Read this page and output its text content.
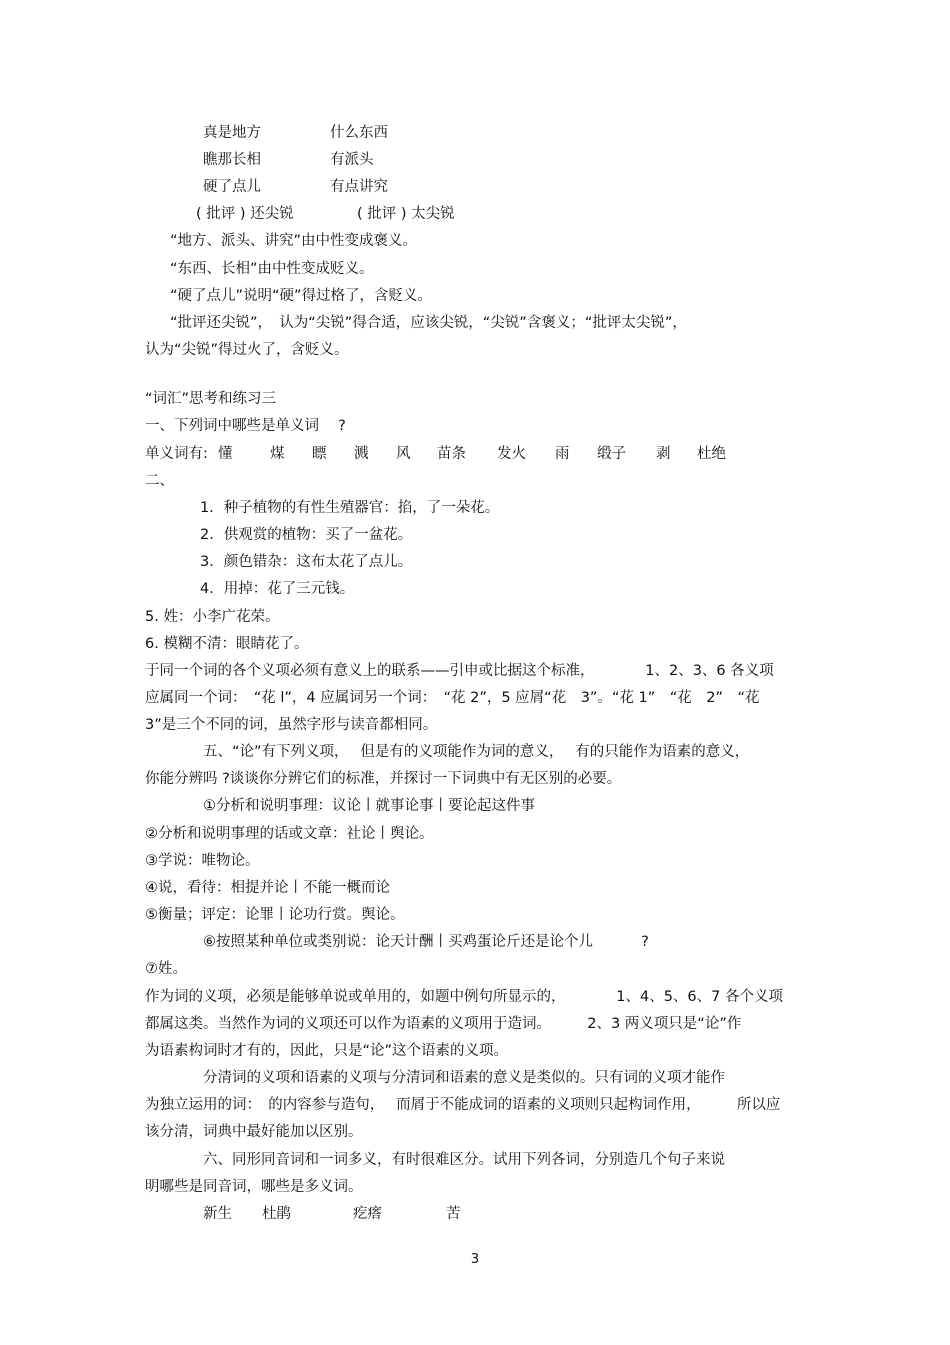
真是地方	什么东西
瞧那长相	有派头
硬了点儿	有点讲究
( 批评 ) 还尖锐	( 批评 ) 太尖锐
“地方、派头、讲究”由中性变成褒义。
“东西、长相”由中性变成贬义。
“硬了点儿”说明“硬”得过格了，含贬义。
“批评还尖锐”，　认为“尖锐”得合适，应该尖锐，“尖锐”含褒义；“批评太尖锐”，
认为“尖锐”得过火了，含贬义。
“词汇”思考和练习三
一、下列词中哪些是单义词　 ?
单义词有: 懂	煤 瞟 溅 风 苗条 发火 雨 缎子 剥 杜绝
二、
1．种子植物的有性生殖器官：掐，了一朵花。
2．供观赏的植物：买了一盆花。
3．颜色错杂：这布太花了点儿。
4．用掉：花了三元钱。
5. 姓：小李广花荣。
6. 模糊不清：眼睛花了。
于同一个词的各个义项必须有意义上的联系——引申或比据这个标准，　　　　1、2、3、6 各义项
应属同一个词：　“花 l”，4 应属词另一个词：　“花 2”，5 应屑“花　3”。“花 1”　“花　2”　“花
3”是三个不同的词，虽然字形与读音都相同。
五、“论”有下列义项，　 但是有的义项能作为词的意义，　 有的只能作为语素的意义，
你能分辨吗 ?谈谈你分辨它们的标准，并探讨一下词典中有无区别的必要。
①分析和说明事理：议论丨就事论事丨要论起这件事
②分析和说明事理的话或文章：社论丨舆论。
③学说：唯物论。
④说，看待：相提并论丨不能一概而论
⑤衡量；评定：论罪丨论功行赏。舆论。
⑥按照某种单位或类别说：论天计酬丨买鸡蛋论斤还是论个儿　　　 ?
⑦姓。
作为词的义项，必须是能够单说或单用的，如题中例句所显示的，　　　　1、4、5、6、7 各个义项
都属这类。当然作为词的义项还可以作为语素的义项用于造词。　　　2、3 两义项只是“论”作
为语素构词时才有的，因此，只是“论”这个语素的义项。
分清词的义项和语素的义项与分清词和语素的意义是类似的。只有词的义项才能作
为独立运用的词：　的内容参与造句，　 而屑于不能成词的语素的义项则只起构词作用，　　　所以应
该分清，词典中最好能加以区别。
六、同形同音词和一词多义，有时很难区分。试用下列各词，分别造几个句子来说
明哪些是同音词，哪些是多义词。
新生 杜鹃	疙瘩	苦
3
